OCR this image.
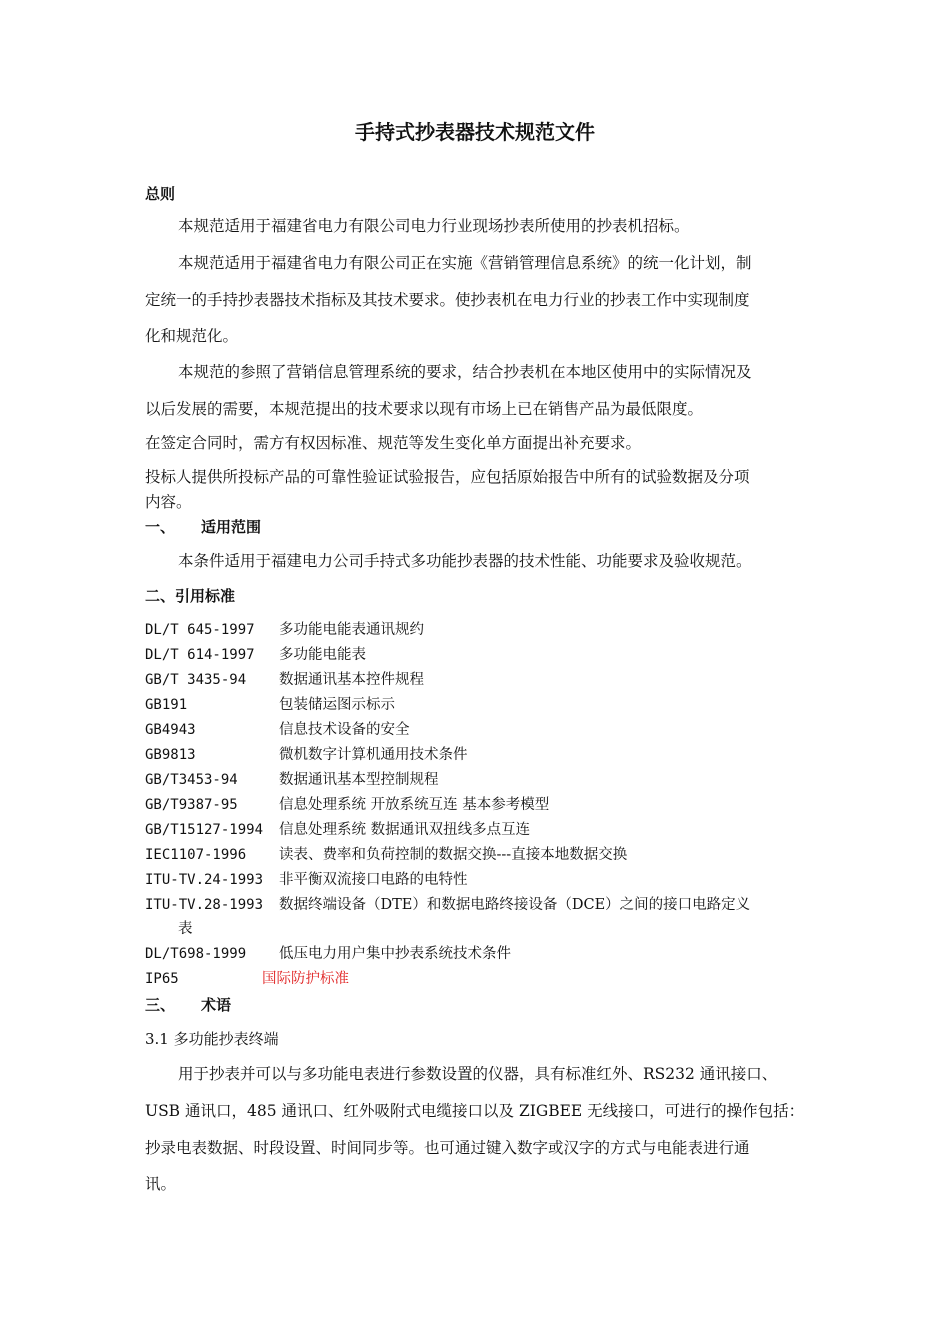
手持式抄表器技术规范文件
总则
本规范适用于福建省电力有限公司电力行业现场抄表所使用的抄表机招标。
本规范适用于福建省电力有限公司正在实施《营销管理信息系统》的统一化计划，制
定统一的手持抄表器技术指标及其技术要求。使抄表机在电力行业的抄表工作中实现制度
化和规范化。
本规范的参照了营销信息管理系统的要求，结合抄表机在本地区使用中的实际情况及
以后发展的需要，本规范提出的技术要求以现有市场上已在销售产品为最低限度。
在签定合同时，需方有权因标准、规范等发生变化单方面提出补充要求。
投标人提供所投标产品的可靠性验证试验报告，应包括原始报告中所有的试验数据及分项
内容。
一、 适用范围
本条件适用于福建电力公司手持式多功能抄表器的技术性能、功能要求及验收规范。
二、引用标准
DL/T 645-1997 多功能电能表通讯规约
DL/T 614-1997 多功能电能表
GB/T 3435-94 数据通讯基本控件规程
GB191	包装储运图示标示
GB4943	信息技术设备的安全
GB9813	微机数字计算机通用技术条件
GB/T3453-94	数据通讯基本型控制规程
GB/T9387-95	信息处理系统 开放系统互连 基本参考模型
GB/T15127-1994 信息处理系统 数据通讯双扭线多点互连
IEC1107-1996 读表、费率和负荷控制的数据交换---直接本地数据交换
ITU-TV.24-1993 非平衡双流接口电路的电特性
ITU-TV.28-1993 数据终端设备（DTE）和数据电路终接设备（DCE）之间的接口电路定义
表
DL/T698-1999 低压电力用户集中抄表系统技术条件
IP65	国际防护标准
三、 术语
3.1 多功能抄表终端
用于抄表并可以与多功能电表进行参数设置的仪器，具有标准红外、RS232 通讯接口、
USB 通讯口，485 通讯口、红外吸附式电缆接口以及 ZIGBEE 无线接口，可进行的操作包括：
抄录电表数据、时段设置、时间同步等。也可通过键入数字或汉字的方式与电能表进行通
讯。
